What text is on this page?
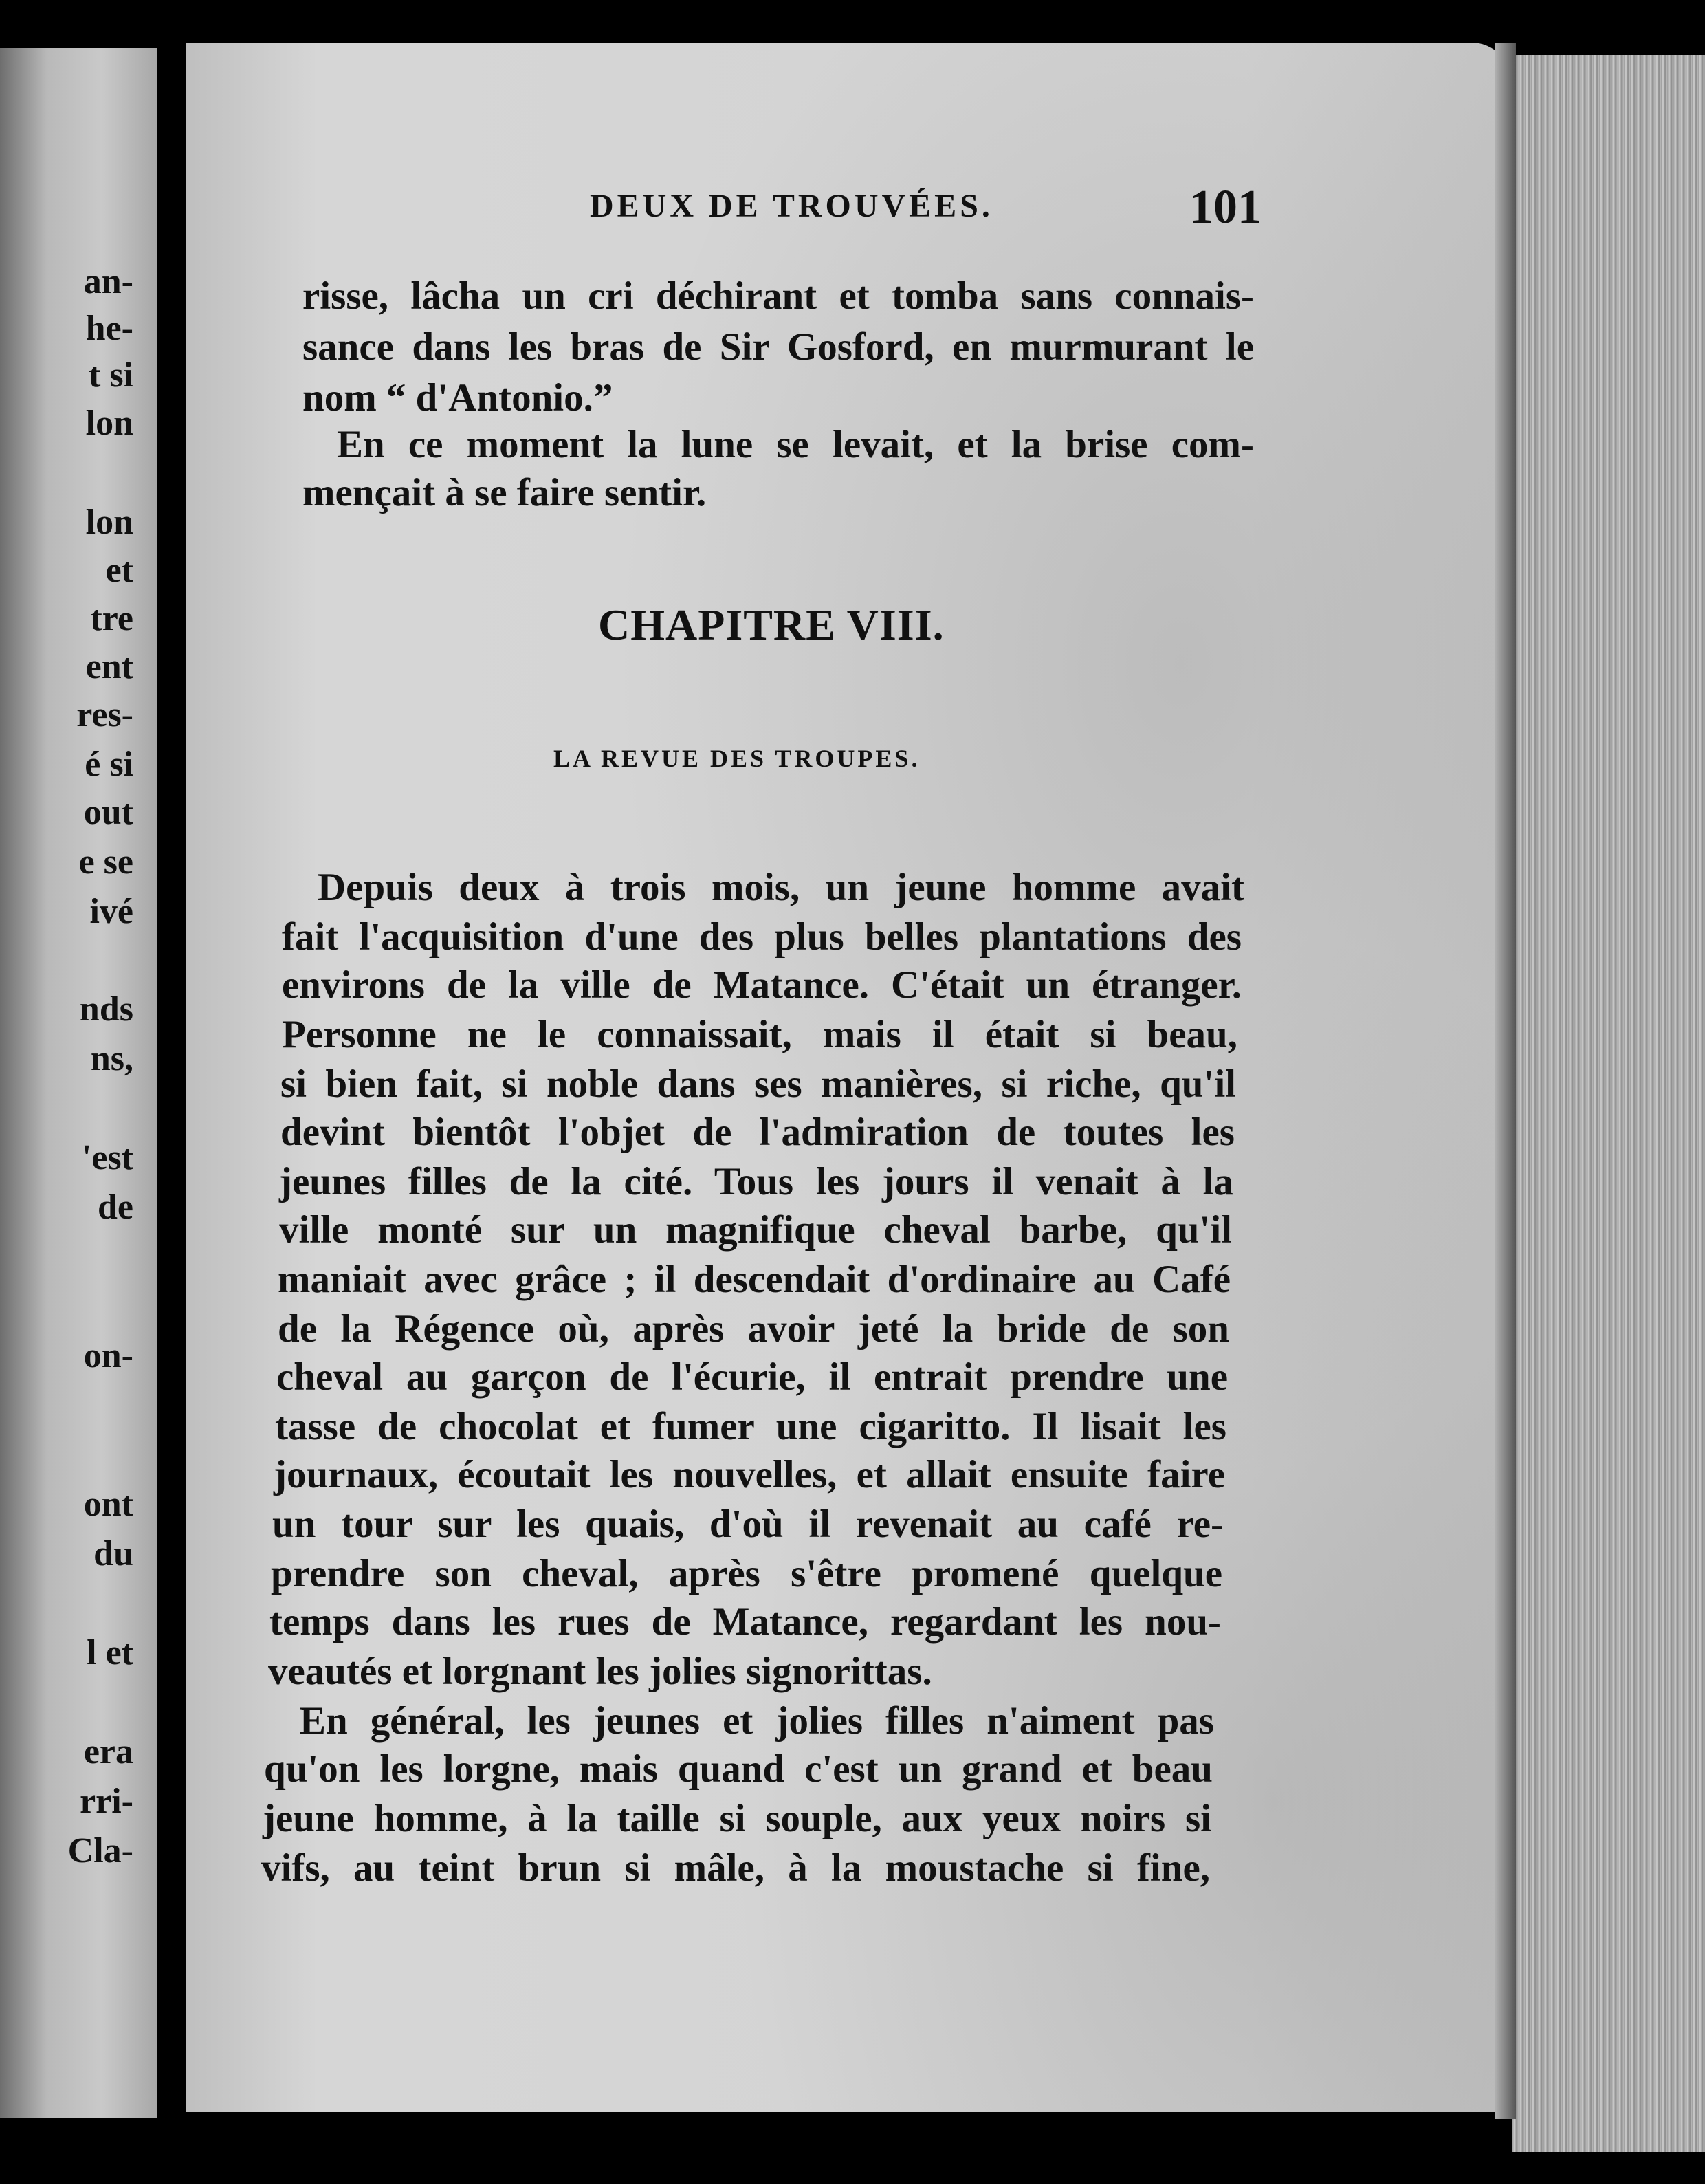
an-

he-

t si

lon

lon

et

tre

ent

res-

é si

out

e se

ivé

nds

ns,

'est

de

on-

ont

du

l et

era

rri-

Cla-

DEUX DE TROUVÉES.	101

risse, lâcha un cri déchirant et tomba sans connais-

sance dans les bras de Sir Gosford, en murmurant le

nom “ d'Antonio.”

En ce moment la lune se levait, et la brise com-

mençait à se faire sentir.

CHAPITRE VIII.

LA REVUE DES TROUPES.

Depuis deux à trois mois, un jeune homme avait

fait l'acquisition d'une des plus belles plantations des

environs de la ville de Matance. C'était un étranger.

Personne ne le connaissait, mais il était si beau,

si bien fait, si noble dans ses manières, si riche, qu'il

devint bientôt l'objet de l'admiration de toutes les

jeunes filles de la cité. Tous les jours il venait à la

ville monté sur un magnifique cheval barbe, qu'il

maniait avec grâce ; il descendait d'ordinaire au Café

de la Régence où, après avoir jeté la bride de son

cheval au garçon de l'écurie, il entrait prendre une

tasse de chocolat et fumer une cigaritto. Il lisait les

journaux, écoutait les nouvelles, et allait ensuite faire

un tour sur les quais, d'où il revenait au café re-

prendre son cheval, après s'être promené quelque

temps dans les rues de Matance, regardant les nou-

veautés et lorgnant les jolies signorittas.

En général, les jeunes et jolies filles n'aiment pas

qu'on les lorgne, mais quand c'est un grand et beau

jeune homme, à la taille si souple, aux yeux noirs si

vifs, au teint brun si mâle, à la moustache si fine,
